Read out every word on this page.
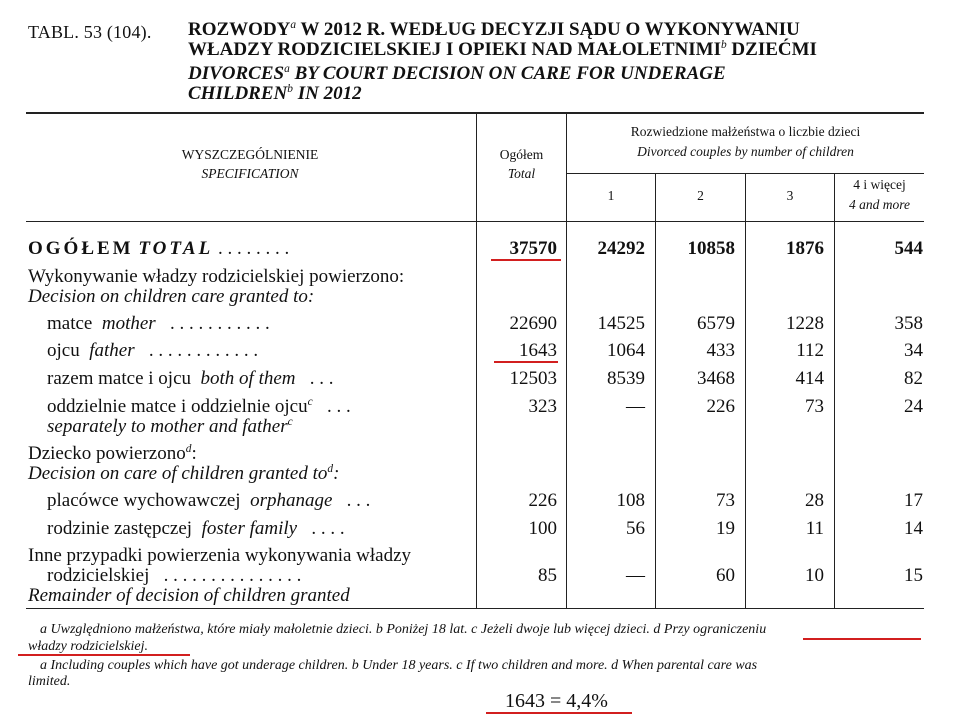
TABL. 53 (104). ROZWODY$^a$ W 2012 R. WEDŁUG DECYZJI SĄDU O WYKONYWANIU
WŁADZY RODZICIELSKIEJ I OPIEKI NAD MAŁOLETNIMI$^b$ DZIEĆMI
DIVORCES$^a$ BY COURT DECISION ON CARE FOR UNDERAGE
CHILDREN$^b$ IN 2012
WYSZCZEGÓLNIENIE
SPECIFICATION
Ogółem
Total
Rozwiedzione małżeństwa o liczbie dzieci
Divorced couples by number of children
1	2	3
4 i więcej
4 and more
OGÓŁEM TOTAL . . . . . . . .	37570 24292 10858	1876	544
Wykonywanie władzy rodzicielskiej powierzono:
Decision on children care granted to:
matce mother . . . . . . . . . . .	22690 14525	6579	1228	358
ojcu father . . . . . . . . . . . .	1643	1064	433	112	34
razem matce i ojcu both of them . . .	12503	8539	3468	414	82
oddzielnie matce i oddzielnie ojcu$^c$ . . .
separately to mother and father$^c$
323	—	226	73	24
Dziecko powierzono$^d$:
Decision on care of children granted $to^d$:
placówce wychowawczej orphanage . . .	226	108	73	28	17
rodzinie zastępczej foster family . . . .	100	56	19	11	14
Inne przypadki powierzenia wykonywania władzy
rodzicielskiej . . . . . . . . . . . . . . .
Remainder of decision of children granted
85	—	60	10	15
a Uwzględniono małżeństwa, które miały małoletnie dzieci. b Poniżej 18 lat. c Jeżeli dwoje lub więcej dzieci. d Przy ograniczeniu
władzy rodzicielskiej.
a Including couples which have got underage children. b Under 18 years. c If two children and more. d When parental care was
limited.
1643 = 4,4%
